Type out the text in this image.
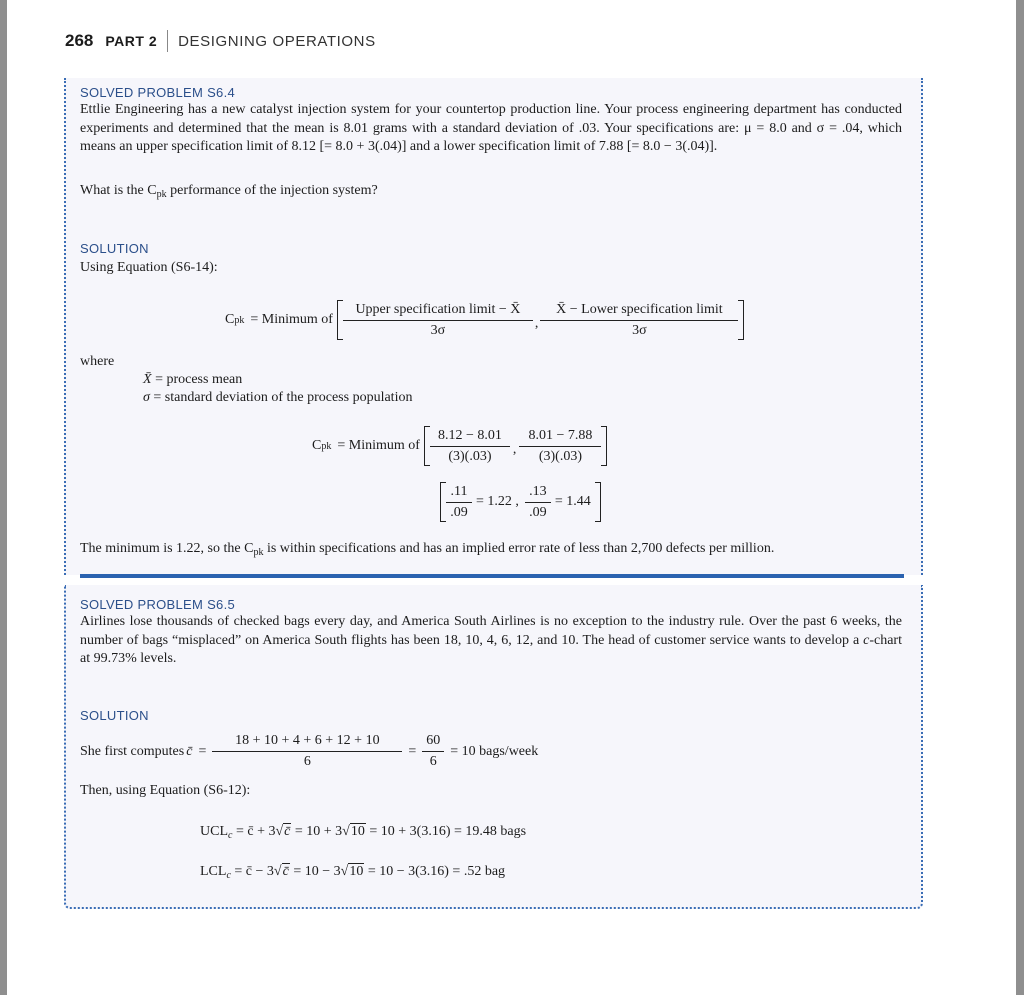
268 PART 2 DESIGNING OPERATIONS
SOLVED PROBLEM S6.4
Ettlie Engineering has a new catalyst injection system for your countertop production line. Your process engineering department has conducted experiments and determined that the mean is 8.01 grams with a standard deviation of .03. Your specifications are: μ = 8.0 and σ = .04, which means an upper specification limit of 8.12 [= 8.0 + 3(.04)] and a lower specification limit of 7.88 [= 8.0 − 3(.04)].
What is the $C_{pk}$ performance of the injection system?
SOLUTION
Using Equation (S6-14):
C pk = Minimum of $\frac{\text{Upper specification limit − X̄}}{3\sigma}$ , $\frac{\text{X̄ − Lower specification limit}}{3\sigma}$
where
X̄ = process mean
σ = standard deviation of the process population
C pk = Minimum of $\frac{8.12 - 8.01}{(3)(.03)}$ , $\frac{8.01 - 7.88}{(3)(.03)}$
$\frac{.11}{.09} = 1.22$ , $\frac{.13}{.09} = 1.44$
The minimum is 1.22, so the $C_{pk}$ is within specifications and has an implied error rate of less than 2,700 defects per million.
SOLVED PROBLEM S6.5
Airlines lose thousands of checked bags every day, and America South Airlines is no exception to the industry rule. Over the past 6 weeks, the number of bags “misplaced” on America South flights has been 18, 10, 4, 6, 12, and 10. The head of customer service wants to develop a c-chart at 99.73% levels.
SOLUTION
She first computes c̄ = $\frac{18 + 10 + 4 + 6 + 12 + 10}{6} = \frac{60}{6} = 10$ bags/week
Then, using Equation (S6-12):
$UCL_c$ = c̄ + 3√c̄ = 10 + 3√10 = 10 + 3(3.16) = 19.48 bags
$LCL_c$ = c̄ − 3√c̄ = 10 − 3√10 = 10 − 3(3.16) = .52 bag
